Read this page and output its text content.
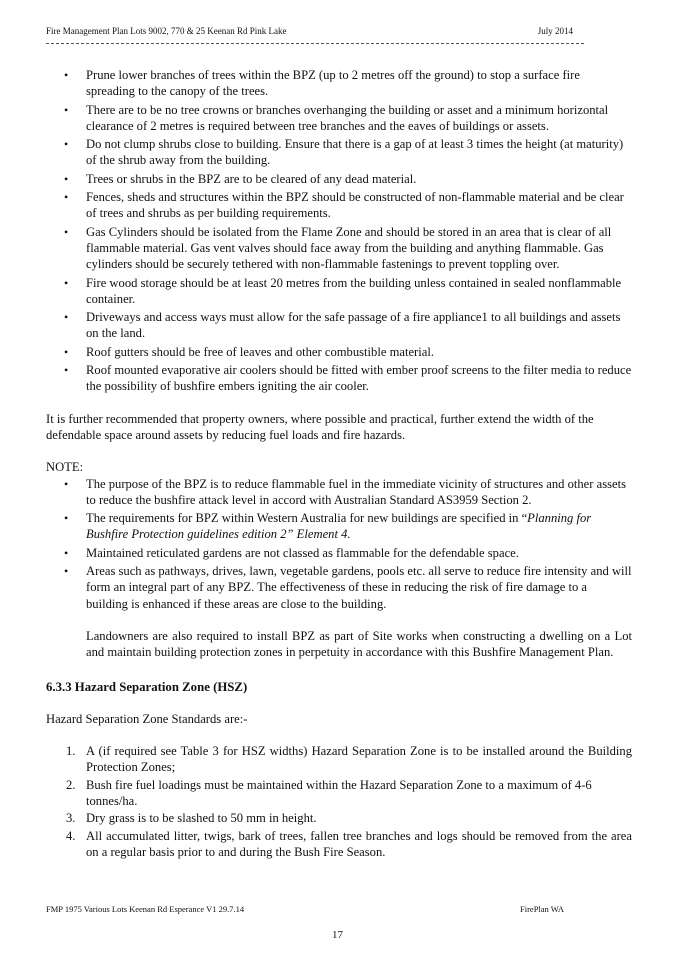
Fire Management Plan Lots 9002, 770 & 25 Keenan Rd Pink Lake	July 2014
• Prune lower branches of trees within the BPZ (up to 2 metres off the ground) to stop a surface fire spreading to the canopy of the trees.
• There are to be no tree crowns or branches overhanging the building or asset and a minimum horizontal clearance of 2 metres is required between tree branches and the eaves of buildings or assets.
• Do not clump shrubs close to building. Ensure that there is a gap of at least 3 times the height (at maturity) of the shrub away from the building.
• Trees or shrubs in the BPZ are to be cleared of any dead material.
• Fences, sheds and structures within the BPZ should be constructed of non-flammable material and be clear of trees and shrubs as per building requirements.
• Gas Cylinders should be isolated from the Flame Zone and should be stored in an area that is clear of all flammable material. Gas vent valves should face away from the building and anything flammable. Gas cylinders should be securely tethered with non-flammable fastenings to prevent toppling over.
• Fire wood storage should be at least 20 metres from the building unless contained in sealed nonflammable container.
• Driveways and access ways must allow for the safe passage of a fire appliance1 to all buildings and assets on the land.
• Roof gutters should be free of leaves and other combustible material.
• Roof mounted evaporative air coolers should be fitted with ember proof screens to the filter media to reduce the possibility of bushfire embers igniting the air cooler.

It is further recommended that property owners, where possible and practical, further extend the width of the defendable space around assets by reducing fuel loads and fire hazards.

NOTE:

• The purpose of the BPZ is to reduce flammable fuel in the immediate vicinity of structures and other assets to reduce the bushfire attack level in accord with Australian Standard AS3959 Section 2.
• The requirements for BPZ within Western Australia for new buildings are specified in “Planning for Bushfire Protection guidelines edition 2” Element 4.
• Maintained reticulated gardens are not classed as flammable for the defendable space.
• Areas such as pathways, drives, lawn, vegetable gardens, pools etc. all serve to reduce fire intensity and will form an integral part of any BPZ. The effectiveness of these in reducing the risk of fire damage to a building is enhanced if these areas are close to the building.

Landowners are also required to install BPZ as part of Site works when constructing a dwelling on a Lot and maintain building protection zones in perpetuity in accordance with this Bushfire Management Plan.

6.3.3 Hazard Separation Zone (HSZ)

Hazard Separation Zone Standards are:-

1. A (if required see Table 3 for HSZ widths) Hazard Separation Zone is to be installed around the Building Protection Zones;
2. Bush fire fuel loadings must be maintained within the Hazard Separation Zone to a maximum of 4-6 tonnes/ha.
3. Dry grass is to be slashed to 50 mm in height.
4. All accumulated litter, twigs, bark of trees, fallen tree branches and logs should be removed from the area on a regular basis prior to and during the Bush Fire Season.
FMP 1975 Various Lots Keenan Rd Esperance V1 29.7.14	FirePlan WA
17
